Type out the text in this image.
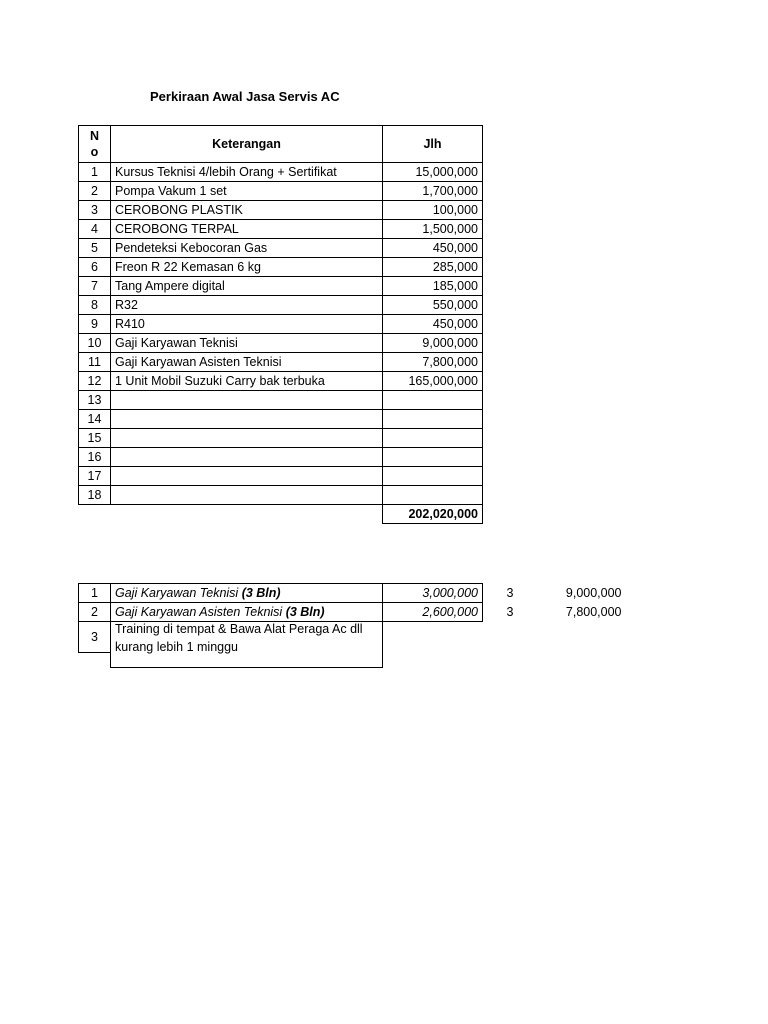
Perkiraan Awal Jasa Servis AC
N
o	Keterangan	Jlh
1	Kursus Teknisi 4/lebih Orang + Sertifikat	15,000,000
2	Pompa Vakum 1 set	1,700,000
3	CEROBONG PLASTIK	100,000
4	CEROBONG TERPAL	1,500,000
5	Pendeteksi Kebocoran Gas	450,000
6	Freon R 22 Kemasan 6 kg	285,000
7	Tang Ampere digital	185,000
8	R32	550,000
9	R410	450,000
10	Gaji Karyawan Teknisi	9,000,000
11	Gaji Karyawan Asisten Teknisi	7,800,000
12	1 Unit Mobil Suzuki Carry bak terbuka	165,000,000
13		
14		
15		
16		
17		
18		
		202,020,000
1	Gaji Karyawan Teknisi (3 Bln)	3,000,000	3	9,000,000
2	Gaji Karyawan Asisten Teknisi (3 Bln)	2,600,000	3	7,800,000
3	Training di tempat & Bawa Alat Peraga Ac dll
kurang lebih 1 minggu			
